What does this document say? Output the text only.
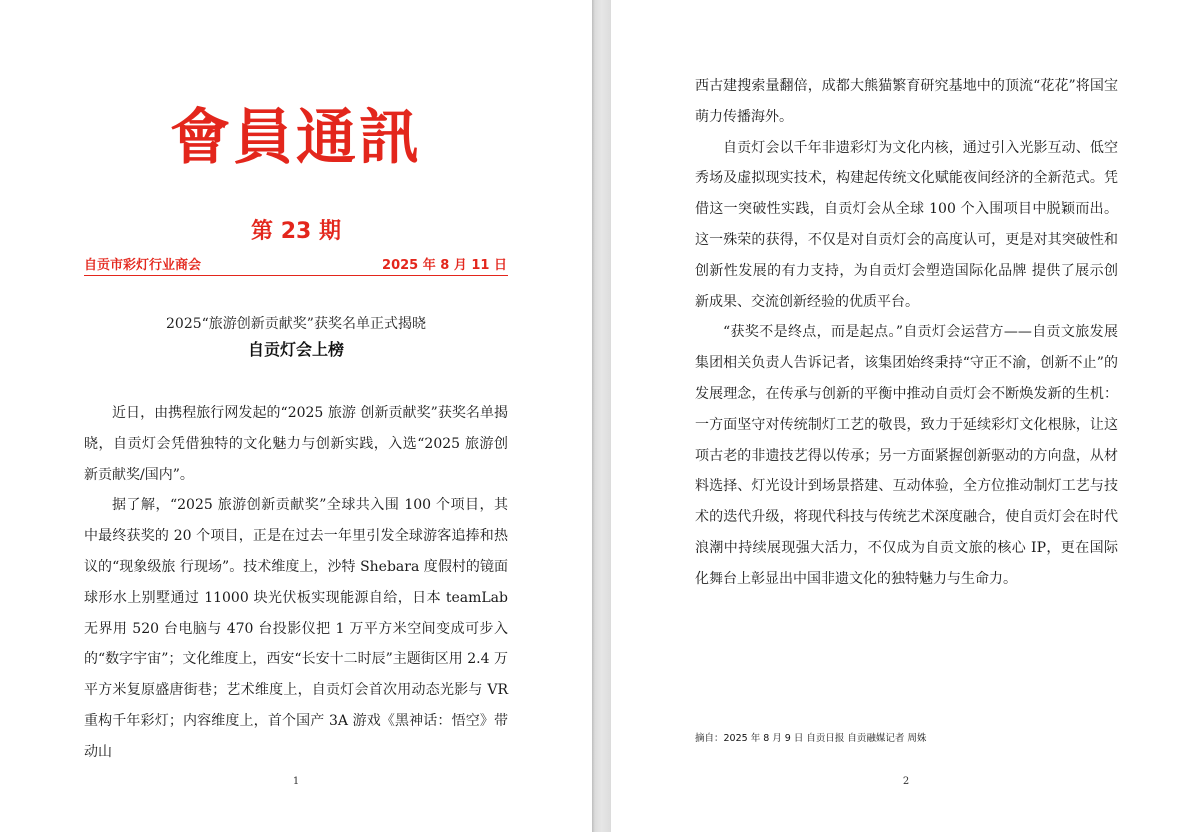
會員通訊
第 23 期
自贡市彩灯行业商会	2025 年 8 月 11 日
2025“旅游创新贡献奖”获奖名单正式揭晓
自贡灯会上榜

近日，由携程旅行网发起的“2025 旅游 创新贡献奖”获奖名单揭晓，自贡灯会凭借独特的文化魅力与创新实践，入选“2025 旅游创新贡献奖/国内”。

据了解，“2025 旅游创新贡献奖”全球共入围 100 个项目，其中最终获奖的 20 个项目，正是在过去一年里引发全球游客追捧和热议的“现象级旅 行现场”。技术维度上，沙特 Shebara 度假村的镜面球形水上别墅通过 11000 块光伏板实现能源自给，日本 teamLab 无界用 520 台电脑与 470 台投影仪把 1 万平方米空间变成可步入的“数字宇宙”；文化维度上，西安“长安十二时辰”主题街区用 2.4 万平方米复原盛唐街巷；艺术维度上，自贡灯会首次用动态光影与 VR 重构千年彩灯；内容维度上，首个国产 3A 游戏《黑神话：悟空》带动山

1

西古建搜索量翻倍，成都大熊猫繁育研究基地中的顶流“花花”将国宝萌力传播海外。

自贡灯会以千年非遗彩灯为文化内核，通过引入光影互动、低空秀场及虚拟现实技术，构建起传统文化赋能夜间经济的全新范式。凭借这一突破性实践，自贡灯会从全球 100 个入围项目中脱颖而出。这一殊荣的获得，不仅是对自贡灯会的高度认可，更是对其突破性和创新性发展的有力支持，为自贡灯会塑造国际化品牌 提供了展示创新成果、交流创新经验的优质平台。

“获奖不是终点，而是起点。”自贡灯会运营方——自贡文旅发展集团相关负责人告诉记者，该集团始终秉持“守正不渝，创新不止”的发展理念，在传承与创新的平衡中推动自贡灯会不断焕发新的生机：一方面坚守对传统制灯工艺的敬畏，致力于延续彩灯文化根脉，让这项古老的非遗技艺得以传承；另一方面紧握创新驱动的方向盘，从材料选择、灯光设计到场景搭建、互动体验，全方位推动制灯工艺与技术的迭代升级，将现代科技与传统艺术深度融合，使自贡灯会在时代浪潮中持续展现强大活力，不仅成为自贡文旅的核心 IP，更在国际化舞台上彰显出中国非遗文化的独特魅力与生命力。

摘自：2025 年 8 月 9 日 自贡日报 自贡融媒记者 周姝
2
